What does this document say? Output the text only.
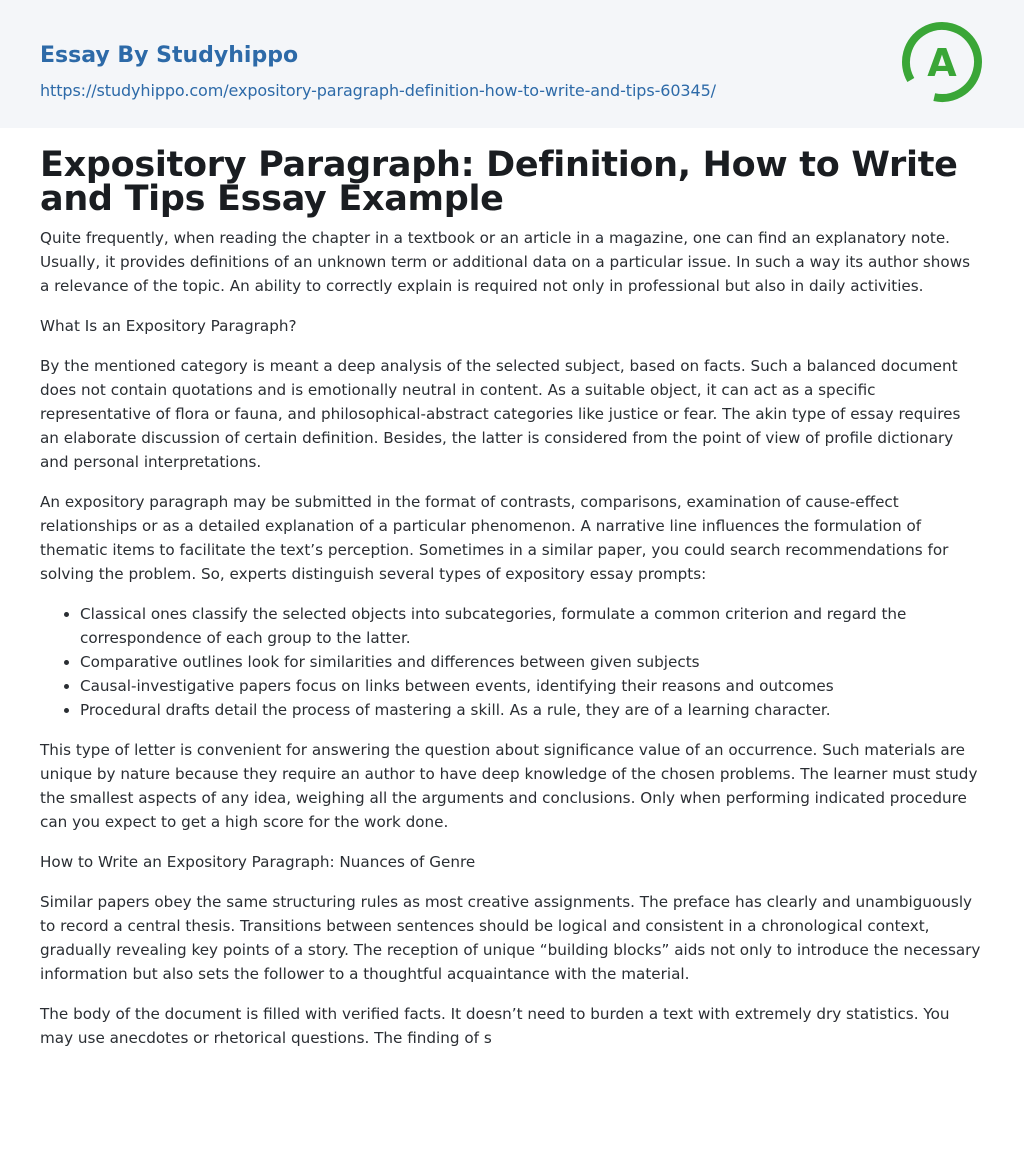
Essay By Studyhippo
https://studyhippo.com/expository-paragraph-definition-how-to-write-and-tips-60345/
A
Expository Paragraph: Definition, How to Write and Tips Essay Example

Quite frequently, when reading the chapter in a textbook or an article in a magazine, one can find an explanatory note. Usually, it provides definitions of an unknown term or additional data on a particular issue. In such a way its author shows a relevance of the topic. An ability to correctly explain is required not only in professional but also in daily activities.

What Is an Expository Paragraph?

By the mentioned category is meant a deep analysis of the selected subject, based on facts. Such a balanced document does not contain quotations and is emotionally neutral in content. As a suitable object, it can act as a specific representative of flora or fauna, and philosophical-abstract categories like justice or fear. The akin type of essay requires an elaborate discussion of certain definition. Besides, the latter is considered from the point of view of profile dictionary and personal interpretations.

An expository paragraph may be submitted in the format of contrasts, comparisons, examination of cause-effect relationships or as a detailed explanation of a particular phenomenon. A narrative line influences the formulation of thematic items to facilitate the text’s perception. Sometimes in a similar paper, you could search recommendations for solving the problem. So, experts distinguish several types of expository essay prompts:

• Classical ones classify the selected objects into subcategories, formulate a common criterion and regard the correspondence of each group to the latter.
• Comparative outlines look for similarities and differences between given subjects
• Causal-investigative papers focus on links between events, identifying their reasons and outcomes
• Procedural drafts detail the process of mastering a skill. As a rule, they are of a learning character.

This type of letter is convenient for answering the question about significance value of an occurrence. Such materials are unique by nature because they require an author to have deep knowledge of the chosen problems. The learner must study the smallest aspects of any idea, weighing all the arguments and conclusions. Only when performing indicated procedure can you expect to get a high score for the work done.

How to Write an Expository Paragraph: Nuances of Genre

Similar papers obey the same structuring rules as most creative assignments. The preface has clearly and unambiguously to record a central thesis. Transitions between sentences should be logical and consistent in a chronological context, gradually revealing key points of a story. The reception of unique “building blocks” aids not only to introduce the necessary information but also sets the follower to a thoughtful acquaintance with the material.

The body of the document is filled with verified facts. It doesn’t need to burden a text with extremely dry statistics. You may use anecdotes or rhetorical questions. The finding of s
